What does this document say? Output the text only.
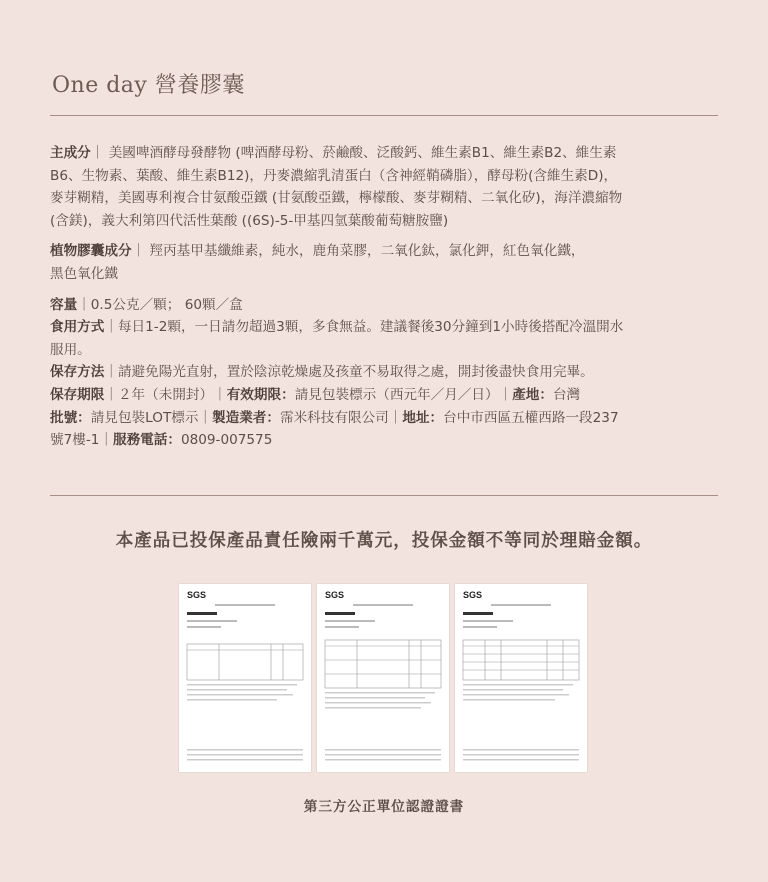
One day 營養膠囊
主成分｜ 美國啤酒酵母發酵物 (啤酒酵母粉、菸鹼酸、泛酸鈣、維生素B1、維生素B2、維生素
B6、生物素、葉酸、維生素B12)，丹麥濃縮乳清蛋白（含神經鞘磷脂），酵母粉(含維生素D)，
麥芽糊精，美國專利複合甘氨酸亞鐵 (甘氨酸亞鐵，檸檬酸、麥芽糊精、二氧化矽)，海洋濃縮物
(含鎂)，義大利第四代活性葉酸 ((6S)-5-甲基四氫葉酸葡萄糖胺鹽)
植物膠囊成分｜ 羥丙基甲基纖維素，純水，鹿角菜膠，二氧化鈦，氯化鉀，紅色氧化鐵，
黑色氧化鐵
容量｜0.5公克／顆； 60顆／盒
食用方式｜每日1-2顆，一日請勿超過3顆，多食無益。建議餐後30分鐘到1小時後搭配冷溫開水
服用。
保存方法｜請避免陽光直射，置於陰涼乾燥處及孩童不易取得之處，開封後盡快食用完畢。
保存期限｜２年（未開封）｜有效期限：請見包裝標示（西元年／月／日）｜產地：台灣
批號：請見包裝LOT標示｜製造業者：霈米科技有限公司｜地址：台中市西區五權西路一段237
號7樓-1｜服務電話：0809-007575
本產品已投保產品責任險兩千萬元，投保金額不等同於理賠金額。
SGS	SGS	SGS
第三方公正單位認證證書
